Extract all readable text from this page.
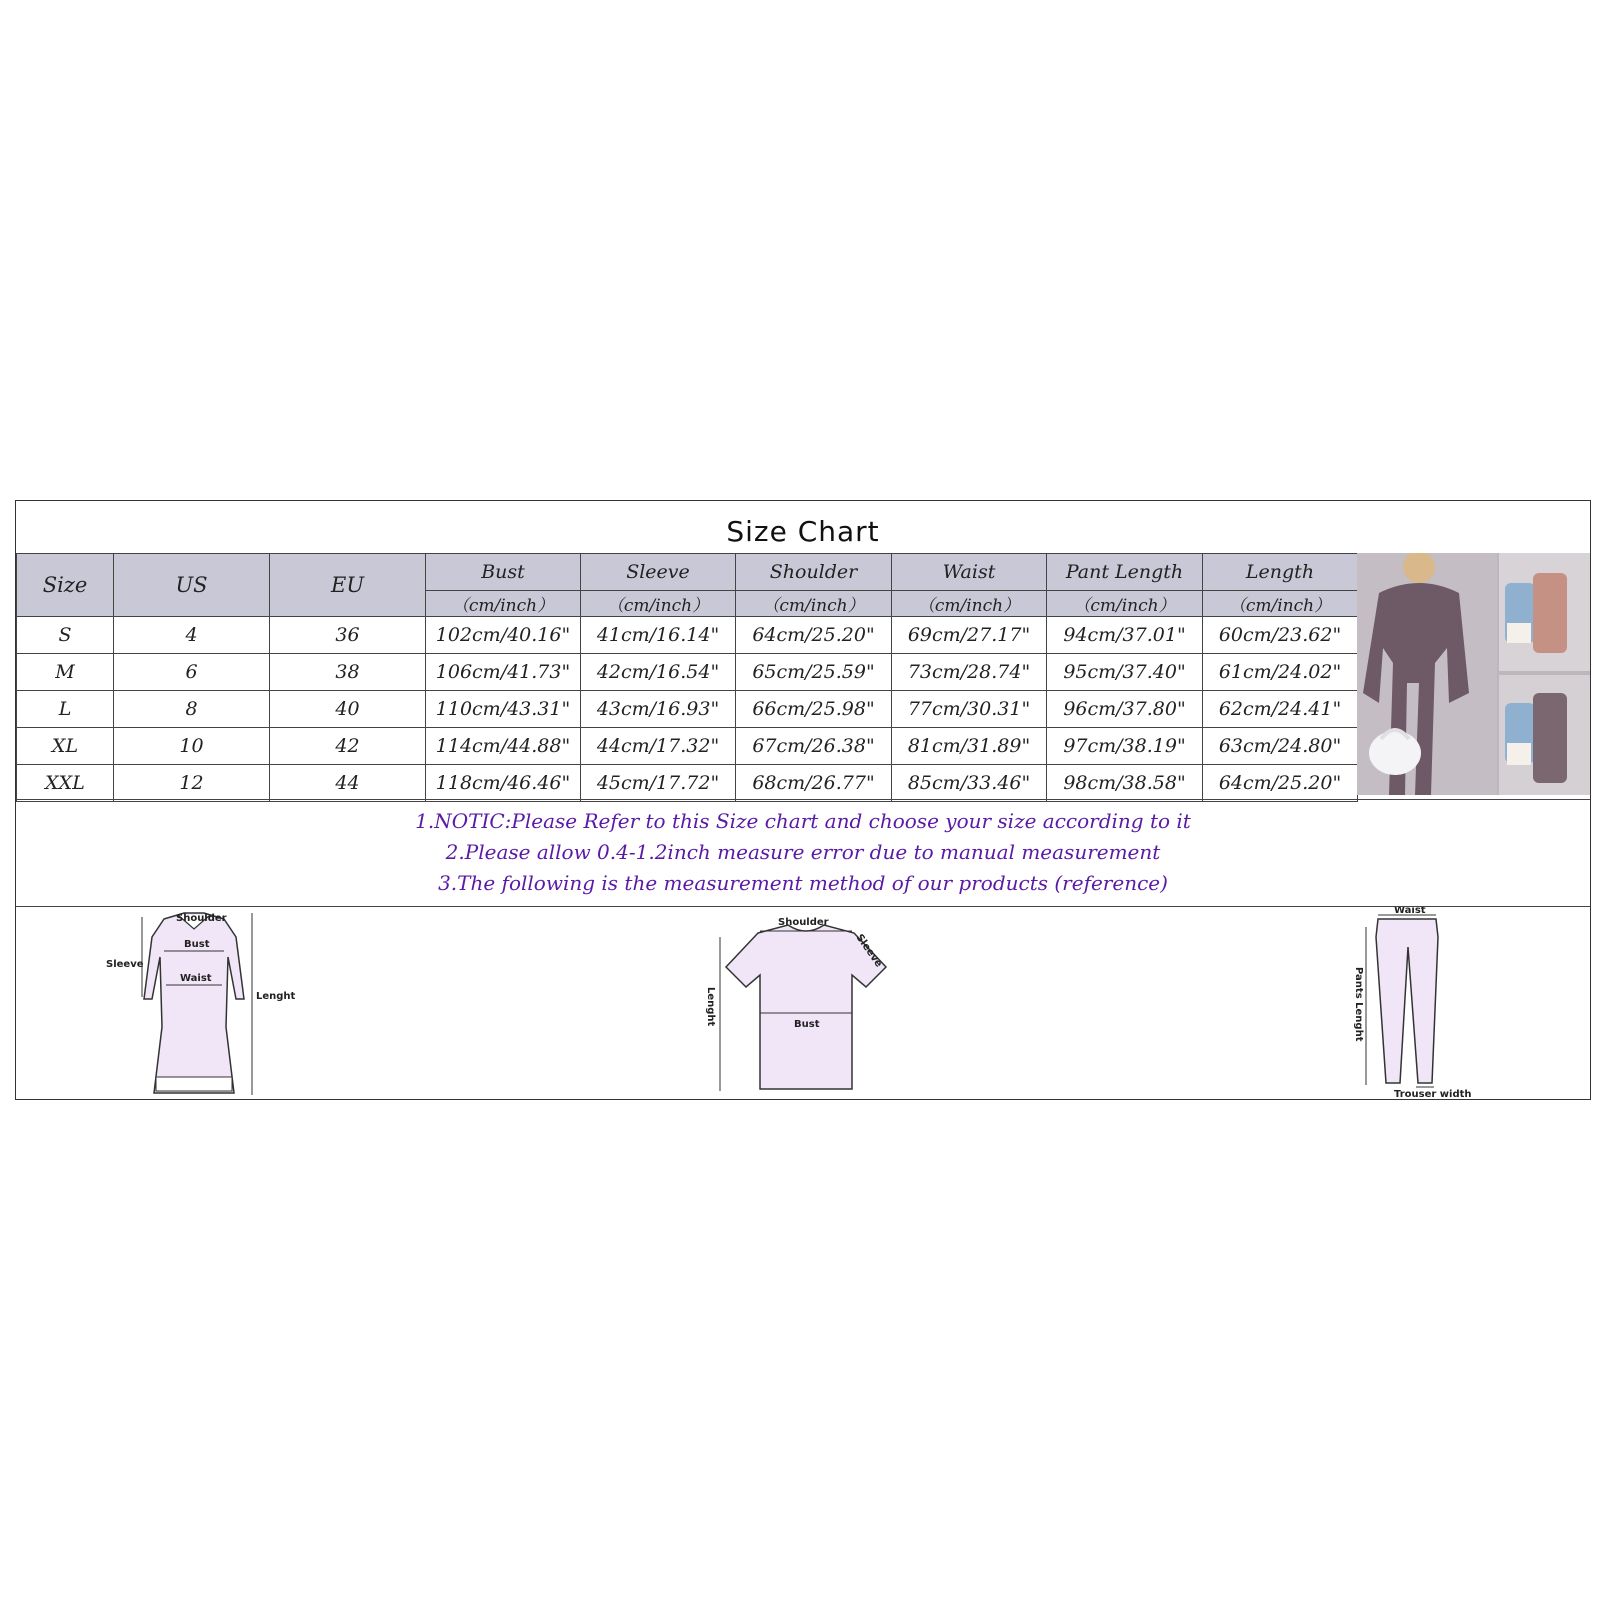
Size Chart
Size	US	EU	Bust	Sleeve	Shoulder	Waist	Pant Length	Length
			（cm/inch）	（cm/inch）	（cm/inch）	（cm/inch）	（cm/inch）	（cm/inch）
S	4	36	102cm/40.16"	41cm/16.14"	64cm/25.20"	69cm/27.17"	94cm/37.01"	60cm/23.62"
M	6	38	106cm/41.73"	42cm/16.54"	65cm/25.59"	73cm/28.74"	95cm/37.40"	61cm/24.02"
L	8	40	110cm/43.31"	43cm/16.93"	66cm/25.98"	77cm/30.31"	96cm/37.80"	62cm/24.41"
XL	10	42	114cm/44.88"	44cm/17.32"	67cm/26.38"	81cm/31.89"	97cm/38.19"	63cm/24.80"
XXL	12	44	118cm/46.46"	45cm/17.72"	68cm/26.77"	85cm/33.46"	98cm/38.58"	64cm/25.20"
1.NOTIC:Please Refer to this Size chart and choose your size according to it
2.Please allow 0.4-1.2inch measure error due to manual measurement
3.The following is the measurement method of our products (reference)
Shoulder
Bust
Waist
Sleeve
Lenght
Shoulder
Sleeve
Bust
Lenght
Waist
Pants Lenght
Trouser width
